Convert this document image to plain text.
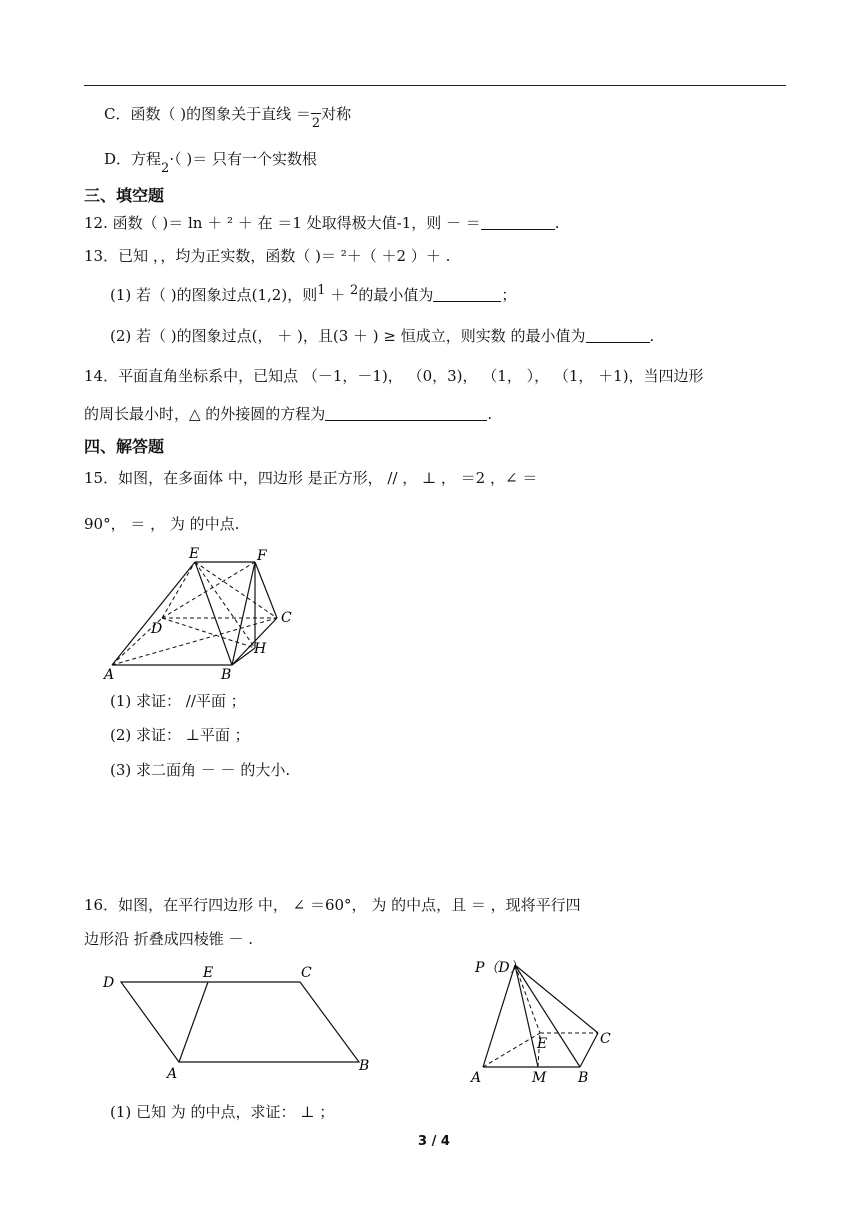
C．函数（ )的图象关于直线 ＝2对称
D．方程2·（ )＝ 只有一个实数根
三、填空题
12. 函数（ )＝ ln ＋ ² ＋ 在 ＝1 处取得极大值-1，则 － ＝	.
13．已知 ，，均为正实数，函数（ )＝ ²＋（ ＋2 ）＋ .
(1) 若（ )的图象过点(1,2)，则1 ＋ 2的最小值为	；
(2) 若（ )的图象过点(， ＋ )，且(3 ＋ ) ≥ 恒成立，则实数 的最小值为	.
14．平面直角坐标系中，已知点 （－1，－1)， （0，3)， （1， ）， （1， ＋1)，当四边形
的周长最小时，△ 的外接圆的方程为	.
四、解答题
15．如图，在多面体 中，四边形 是正方形， // ， ⊥ ， ＝2 ，∠ ＝
90°， ＝ ， 为 的中点.
E	F
D
C
H
A	B
(1) 求证： //平面 ；
(2) 求证： ⊥平面 ；
(3) 求二面角 － － 的大小.
16．如图，在平行四边形 中， ∠ ＝60°， 为 的中点，且 ＝ ，现将平行四
边形沿 折叠成四棱锥 － .
D
E	C
A	B
P（D）
C
E
A	M B
(1) 已知 为 的中点，求证： ⊥ ；
3 / 4
